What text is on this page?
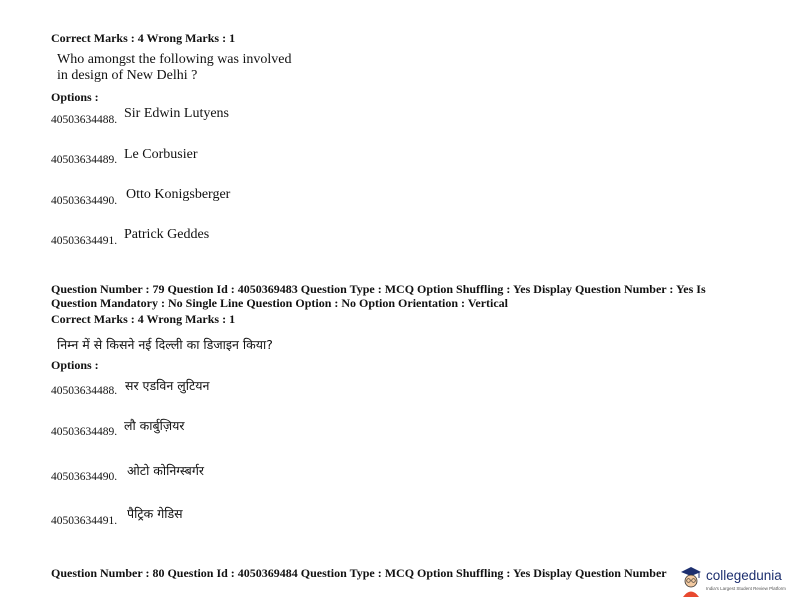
Correct Marks : 4 Wrong Marks : 1
Who amongst the following was involved
in design of New Delhi ?
Options :
40503634488. Sir Edwin Lutyens
40503634489. Le Corbusier
40503634490. Otto Konigsberger
40503634491. Patrick Geddes
Question Number : 79 Question Id : 4050369483 Question Type : MCQ Option Shuffling : Yes Display Question Number : Yes Is
Question Mandatory : No Single Line Question Option : No Option Orientation : Vertical
Correct Marks : 4 Wrong Marks : 1
निम्न में से किसने नई दिल्ली का डिजाइन किया?
Options :
40503634488. सर एडविन लुटियन
40503634489. लौ कार्बुज़ियर
40503634490. ओटो कोनिग्स्बर्गर
40503634491. पैट्रिक गेडिस
Question Number : 80 Question Id : 4050369484 Question Type : MCQ Option Shuffling : Yes Display Question Number	collegedunia
India's Largest Student Review Platform
